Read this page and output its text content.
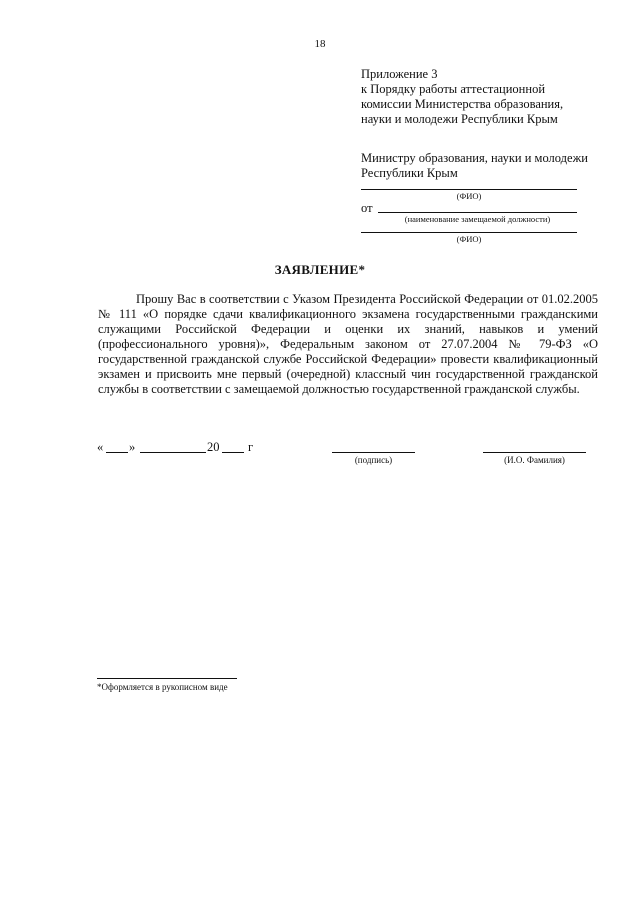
18
Приложение 3
к Порядку работы аттестационной
комиссии Министерства образования,
науки и молодежи Республики Крым
Министру образования, науки и молодежи
Республики Крым
(ФИО)
от
(наименование замещаемой должности)
(ФИО)
ЗАЯВЛЕНИЕ*

Прошу Вас в соответствии с Указом Президента Российской Федерации от 01.02.2005 № 111 «О порядке сдачи квалификационного экзамена государственными гражданскими служащими Российской Федерации и оценки их знаний, навыков и умений (профессионального уровня)», Федеральным законом от 27.07.2004 № 79-ФЗ «О государственной гражданской службе Российской Федерации» провести квалификационный экзамен и присвоить мне первый (очередной) классный чин государственной гражданской службы в соответствии с замещаемой должностью государственной гражданской службы.

« »	20 г
(подпись)	(И.О. Фамилия)
*Оформляется в рукописном виде
